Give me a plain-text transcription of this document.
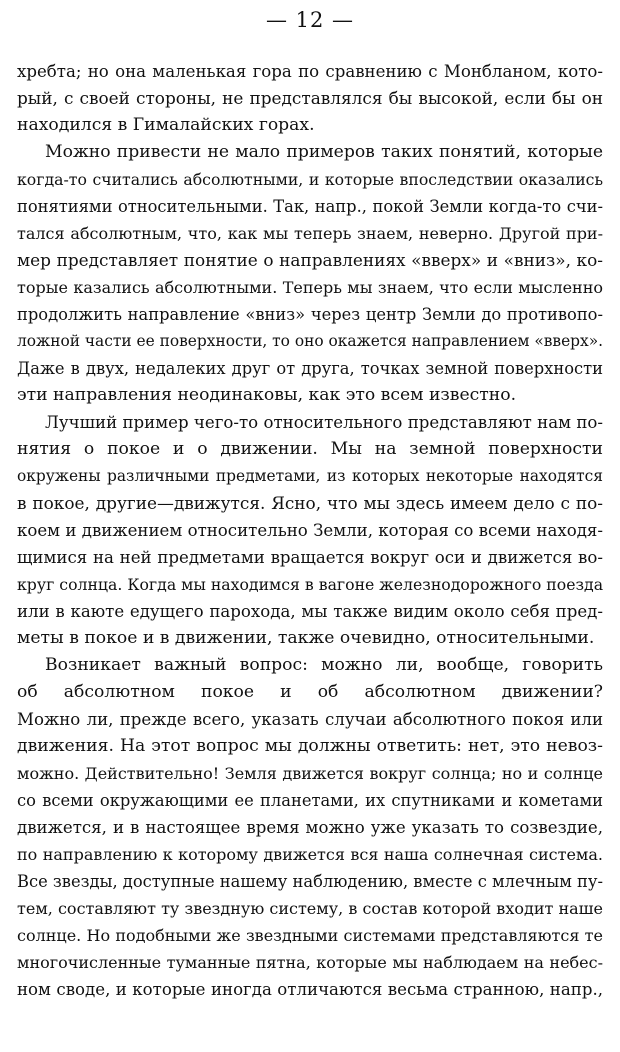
— 12 —
хребта; но она маленькая гора по сравнению с Монбланом, кото-
рый, с своей стороны, не представлялся бы высокой, если бы он
находился в Гималайских горах.
Можно привести не мало примеров таких понятий, которые
когда-то считались абсолютными, и которые впоследствии оказались
понятиями относительными. Так, напр., покой Земли когда-то счи-
тался абсолютным, что, как мы теперь знаем, неверно. Другой при-
мер представляет понятие о направлениях «вверх» и «вниз», ко-
торые казались абсолютными. Теперь мы знаем, что если мысленно
продолжить направление «вниз» через центр Земли до противопо-
ложной части ее поверхности, то оно окажется направлением «вверх».
Даже в двух, недалеких друг от друга, точках земной поверхности
эти направления неодинаковы, как это всем известно.
Лучший пример чего-то относительного представляют нам по-
нятия о покое и о движении. Мы на земной поверхности
окружены различными предметами, из которых некоторые находятся
в покое, другие—движутся. Ясно, что мы здесь имеем дело с по-
коем и движением относительно Земли, которая со всеми находя-
щимися на ней предметами вращается вокруг оси и движется во-
круг солнца. Когда мы находимся в вагоне железнодорожного поезда
или в каюте едущего парохода, мы также видим около себя пред-
меты в покое и в движении, также очевидно, относительными.
Возникает важный вопрос: можно ли, вообще, говорить
об абсолютном покое и об абсолютном движении?
Можно ли, прежде всего, указать случаи абсолютного покоя или
движения. На этот вопрос мы должны ответить: нет, это невоз-
можно. Действительно! Земля движется вокруг солнца; но и солнце
со всеми окружающими ее планетами, их спутниками и кометами
движется, и в настоящее время можно уже указать то созвездие,
по направлению к которому движется вся наша солнечная система.
Все звезды, доступные нашему наблюдению, вместе с млечным пу-
тем, составляют ту звездную систему, в состав которой входит наше
солнце. Но подобными же звездными системами представляются те
многочисленные туманные пятна, которые мы наблюдаем на небес-
ном своде, и которые иногда отличаются весьма странною, напр.,
